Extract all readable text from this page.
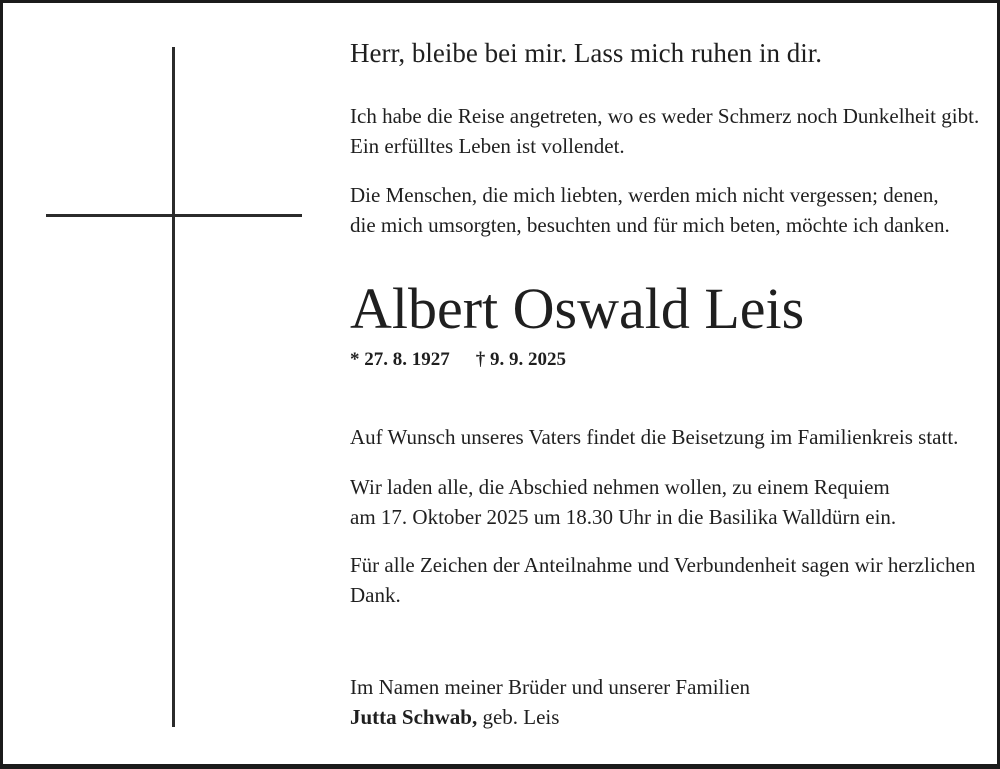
Herr, bleibe bei mir. Lass mich ruhen in dir.
Ich habe die Reise angetreten, wo es weder Schmerz noch Dunkelheit gibt.
Ein erfülltes Leben ist vollendet.
Die Menschen, die mich liebten, werden mich nicht vergessen; denen,
die mich umsorgten, besuchten und für mich beten, möchte ich danken.
Albert Oswald Leis
* 27. 8. 1927 † 9. 9. 2025
Auf Wunsch unseres Vaters findet die Beisetzung im Familienkreis statt.
Wir laden alle, die Abschied nehmen wollen, zu einem Requiem
am 17. Oktober 2025 um 18.30 Uhr in die Basilika Walldürn ein.
Für alle Zeichen der Anteilnahme und Verbundenheit sagen wir herzlichen
Dank.
Im Namen meiner Brüder und unserer Familien
Jutta Schwab, geb. Leis
